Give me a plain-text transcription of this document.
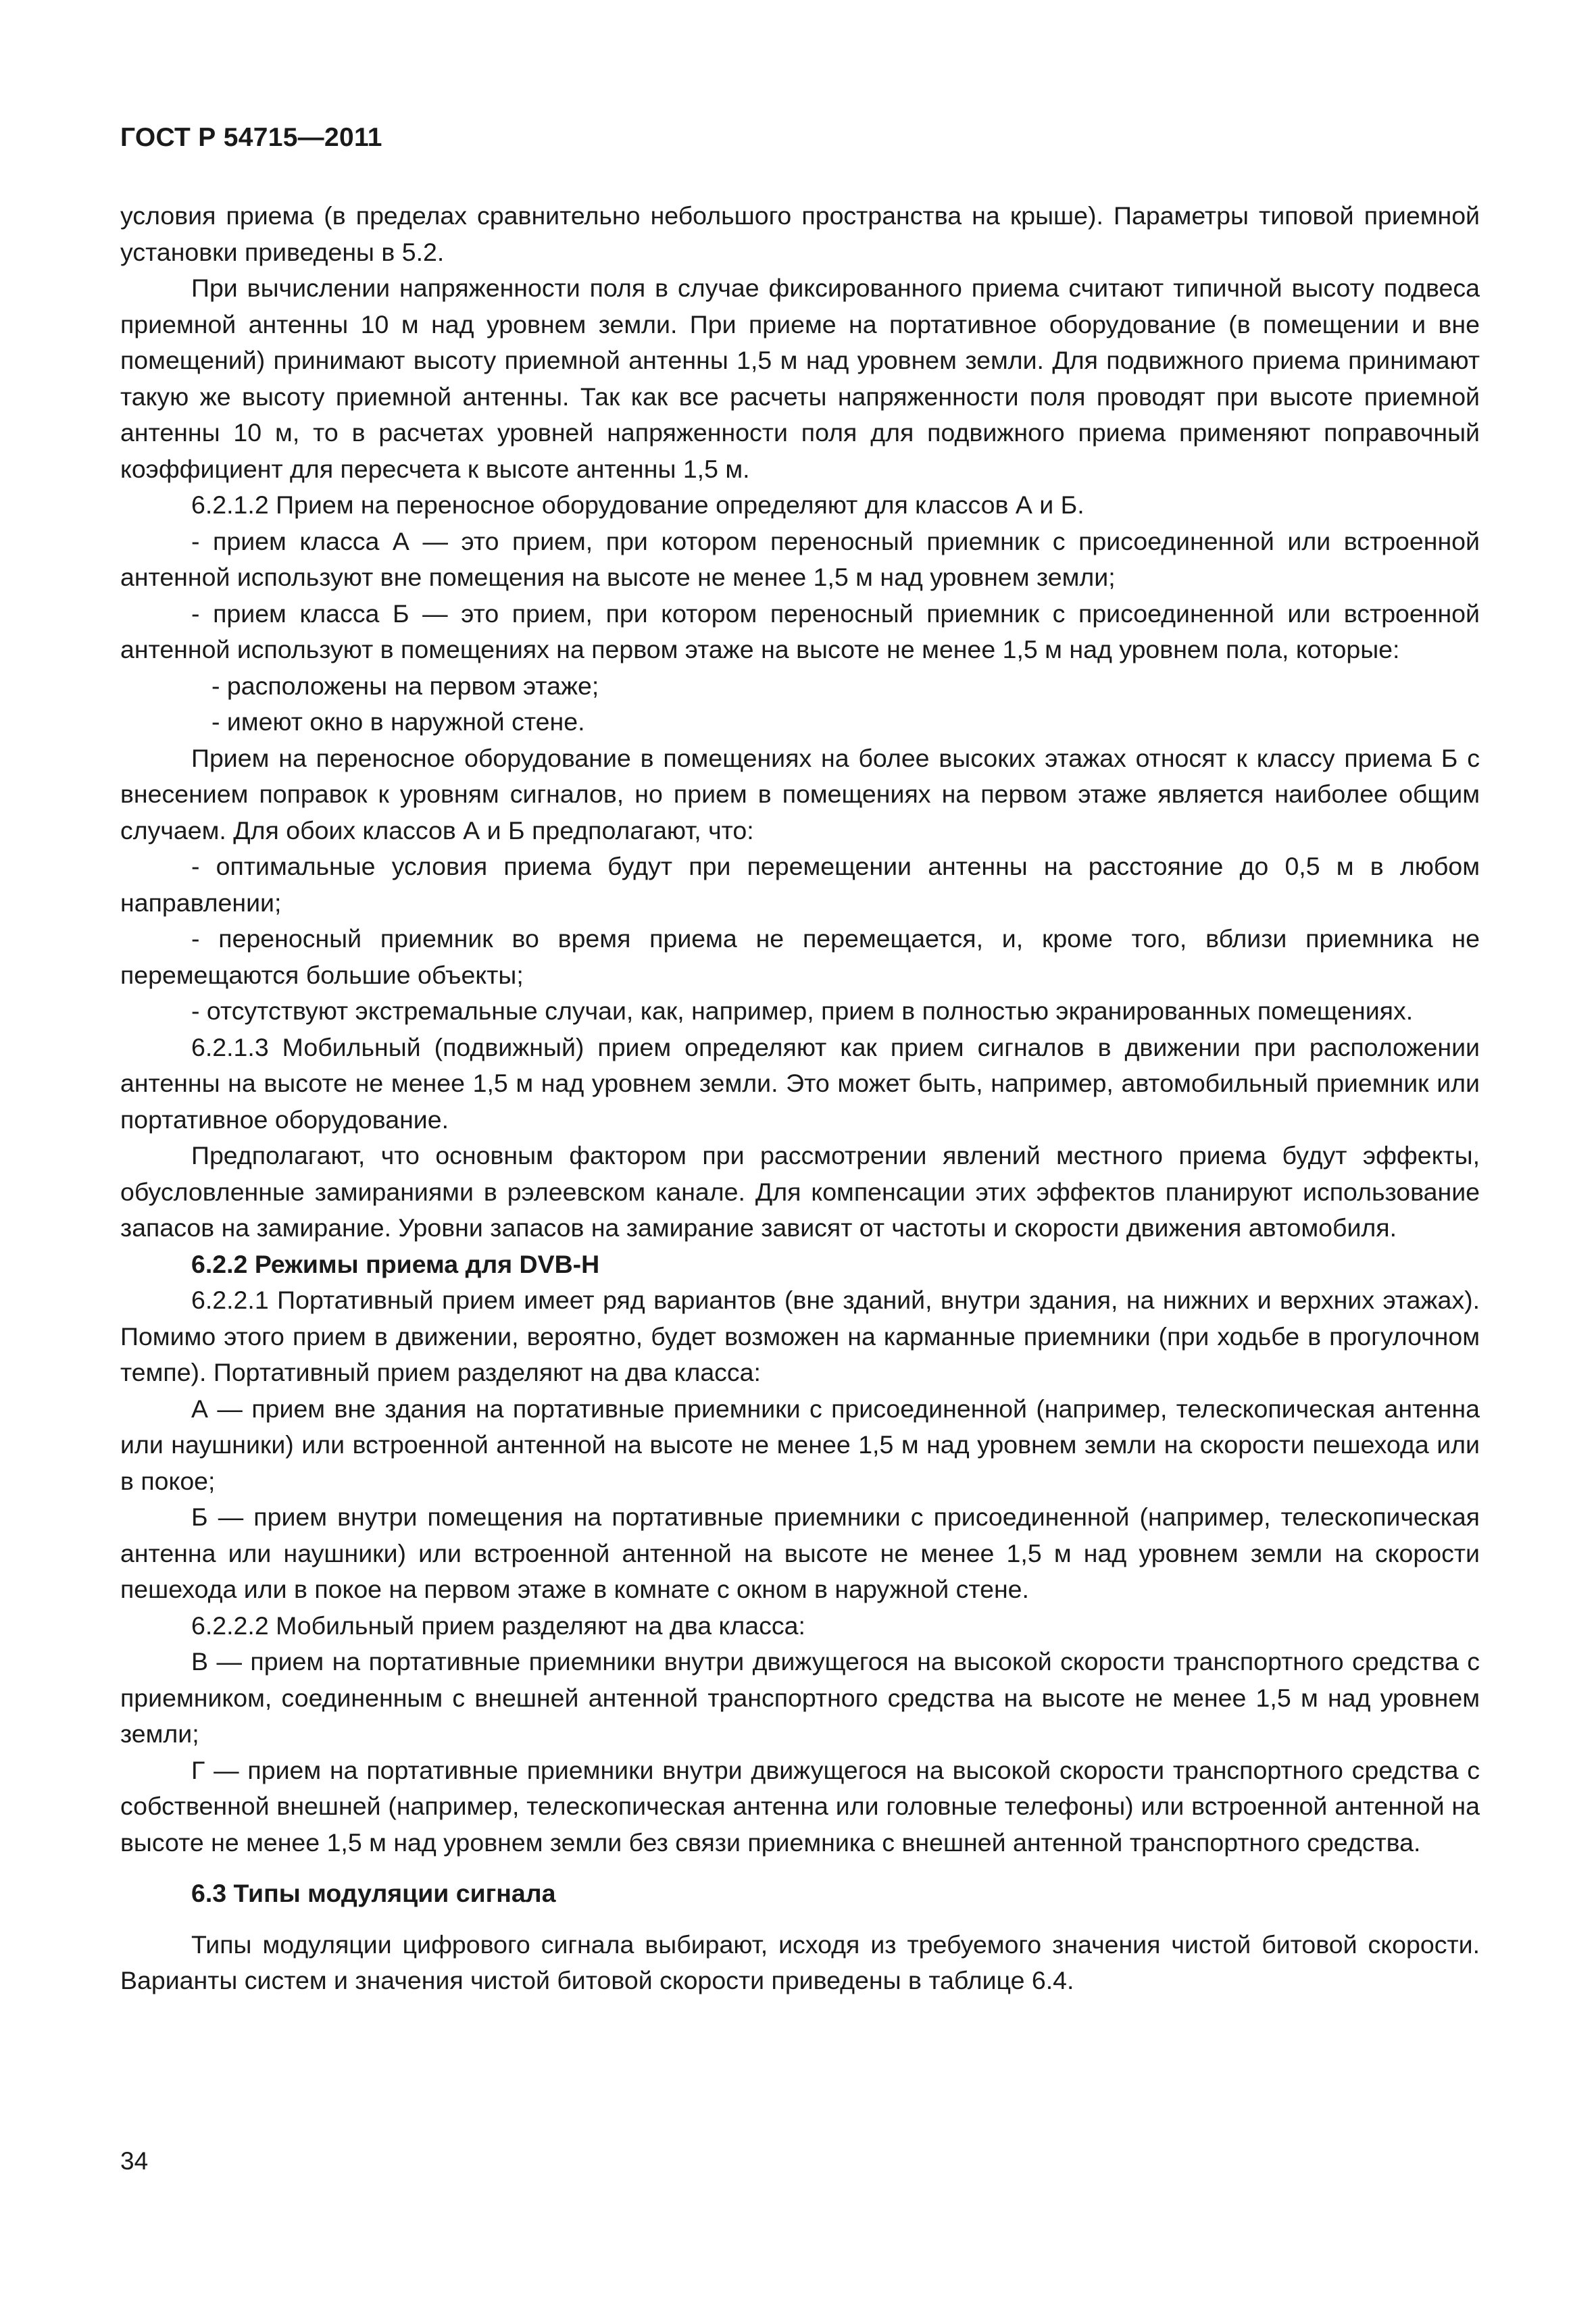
ГОСТ Р 54715—2011

условия приема (в пределах сравнительно небольшого пространства на крыше). Параметры типовой приемной установки приведены в 5.2.

При вычислении напряженности поля в случае фиксированного приема считают типичной высоту подвеса приемной антенны 10 м над уровнем земли. При приеме на портативное оборудование (в помещении и вне помещений) принимают высоту приемной антенны 1,5 м над уровнем земли. Для подвижного приема принимают такую же высоту приемной антенны. Так как все расчеты напряженности поля проводят при высоте приемной антенны 10 м, то в расчетах уровней напряженности поля для подвижного приема применяют поправочный коэффициент для пересчета к высоте антенны 1,5 м.

6.2.1.2 Прием на переносное оборудование определяют для классов А и Б.

- прием класса А — это прием, при котором переносный приемник с присоединенной или встроенной антенной используют вне помещения на высоте не менее 1,5 м над уровнем земли;

- прием класса Б — это прием, при котором переносный приемник с присоединенной или встроенной антенной используют в помещениях на первом этаже на высоте не менее 1,5 м над уровнем пола, которые:

- расположены на первом этаже;

- имеют окно в наружной стене.

Прием на переносное оборудование в помещениях на более высоких этажах относят к классу приема Б с внесением поправок к уровням сигналов, но прием в помещениях на первом этаже является наиболее общим случаем. Для обоих классов А и Б предполагают, что:

- оптимальные условия приема будут при перемещении антенны на расстояние до 0,5 м в любом направлении;

- переносный приемник во время приема не перемещается, и, кроме того, вблизи приемника не перемещаются большие объекты;

- отсутствуют экстремальные случаи, как, например, прием в полностью экранированных помещениях.

6.2.1.3 Мобильный (подвижный) прием определяют как прием сигналов в движении при расположении антенны на высоте не менее 1,5 м над уровнем земли. Это может быть, например, автомобильный приемник или портативное оборудование.

Предполагают, что основным фактором при рассмотрении явлений местного приема будут эффекты, обусловленные замираниями в рэлеевском канале. Для компенсации этих эффектов планируют использование запасов на замирание. Уровни запасов на замирание зависят от частоты и скорости движения автомобиля.

6.2.2 Режимы приема для DVB-H

6.2.2.1 Портативный прием имеет ряд вариантов (вне зданий, внутри здания, на нижних и верхних этажах). Помимо этого прием в движении, вероятно, будет возможен на карманные приемники (при ходьбе в прогулочном темпе). Портативный прием разделяют на два класса:

А — прием вне здания на портативные приемники с присоединенной (например, телескопическая антенна или наушники) или встроенной антенной на высоте не менее 1,5 м над уровнем земли на скорости пешехода или в покое;

Б — прием внутри помещения на портативные приемники с присоединенной (например, телескопическая антенна или наушники) или встроенной антенной на высоте не менее 1,5 м над уровнем земли на скорости пешехода или в покое на первом этаже в комнате с окном в наружной стене.

6.2.2.2 Мобильный прием разделяют на два класса:

В — прием на портативные приемники внутри движущегося на высокой скорости транспортного средства с приемником, соединенным с внешней антенной транспортного средства на высоте не менее 1,5 м над уровнем земли;

Г — прием на портативные приемники внутри движущегося на высокой скорости транспортного средства с собственной внешней (например, телескопическая антенна или головные телефоны) или встроенной антенной на высоте не менее 1,5 м над уровнем земли без связи приемника с внешней антенной транспортного средства.

6.3 Типы модуляции сигнала

Типы модуляции цифрового сигнала выбирают, исходя из требуемого значения чистой битовой скорости. Варианты систем и значения чистой битовой скорости приведены в таблице 6.4.

34
